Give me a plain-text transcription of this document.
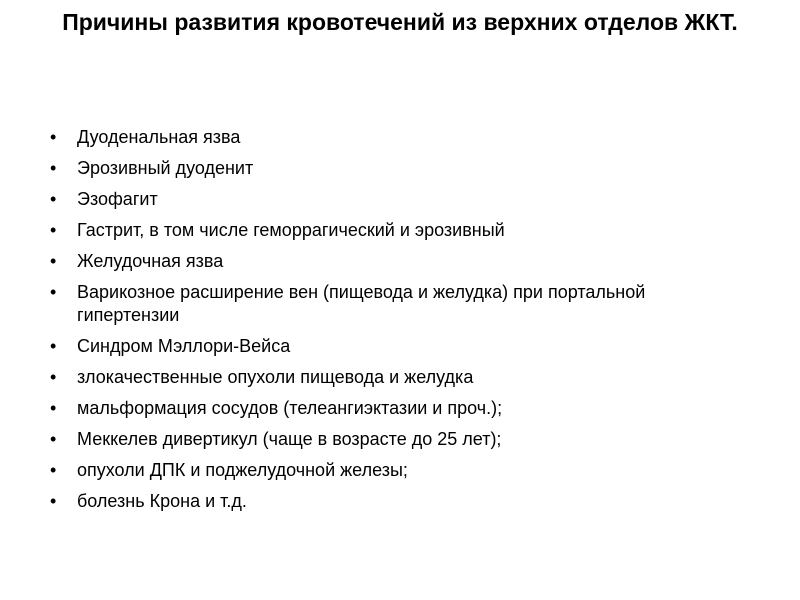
Причины развития кровотечений из верхних отделов ЖКТ.
•	Дуоденальная язва
•	Эрозивный дуоденит
•	Эзофагит
•	Гастрит, в том числе геморрагический и эрозивный
•	Желудочная язва
•	Варикозное расширение вен (пищевода и желудка) при портальной гипертензии
•	Синдром Мэллори-Вейса
•	злокачественные опухоли пищевода и желудка
•	мальформация сосудов (телеангиэктазии и проч.);
•	Меккелев дивертикул (чаще в возрасте до 25 лет);
•	опухоли ДПК и поджелудочной железы;
•	болезнь Крона и т.д.
